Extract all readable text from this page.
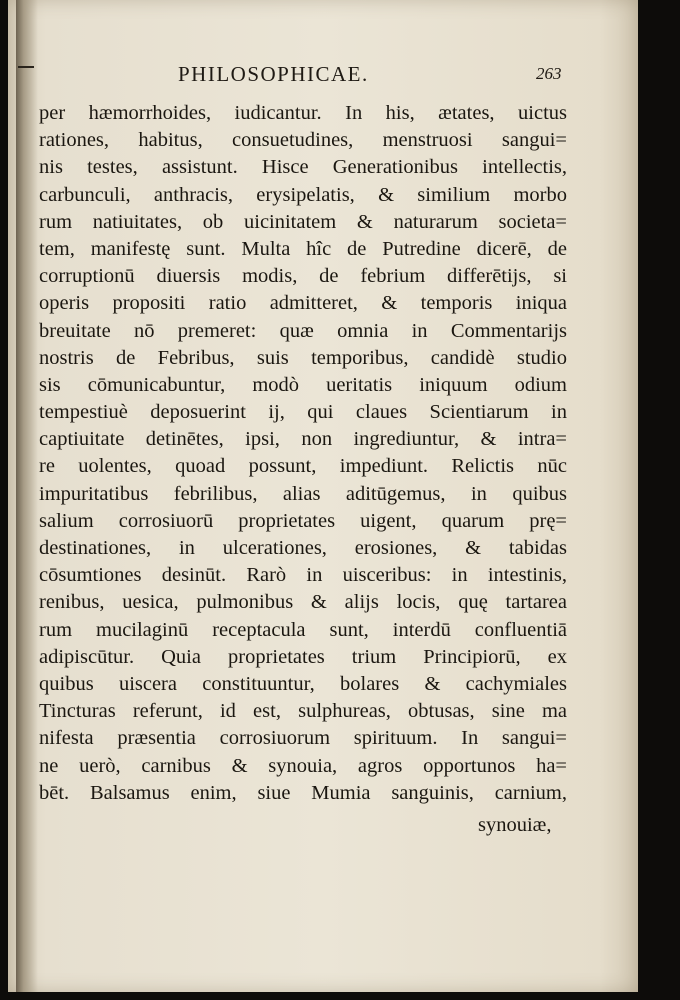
PHILOSOPHICAE.	263
per hæmorrhoides, iudicantur. In his, ætates, uictus
rationes, habitus, consuetudines, menstruosi sangui=
nis testes, assistunt. Hisce Generationibus intellectis,
carbunculi, anthracis, erysipelatis, & similium morbo
rum natiuitates, ob uicinitatem & naturarum societa=
tem, manifestę sunt. Multa hîc de Putredine dicerē, de
corruptionū diuersis modis, de febrium differētijs, si
operis propositi ratio admitteret, & temporis iniqua
breuitate nō premeret: quæ omnia in Commentarijs
nostris de Febribus, suis temporibus, candidè studio
sis cōmunicabuntur, modò ueritatis iniquum odium
tempestiuè deposuerint ij, qui claues Scientiarum in
captiuitate detinētes, ipsi, non ingrediuntur, & intra=
re uolentes, quoad possunt, impediunt. Relictis nūc
impuritatibus febrilibus, alias aditūgemus, in quibus
salium corrosiuorū proprietates uigent, quarum prę=
destinationes, in ulcerationes, erosiones, & tabidas
cōsumtiones desinūt. Rarò in uisceribus: in intestinis,
renibus, uesica, pulmonibus & alijs locis, quę tartarea
rum mucilaginū receptacula sunt, interdū confluentiā
adipiscūtur. Quia proprietates trium Principiorū, ex
quibus uiscera constituuntur, bolares & cachymiales
Tincturas referunt, id est, sulphureas, obtusas, sine ma
nifesta præsentia corrosiuorum spirituum. In sangui=
ne uerò, carnibus & synouia, agros opportunos ha=
bēt. Balsamus enim, siue Mumia sanguinis, carnium,
synouiæ,
